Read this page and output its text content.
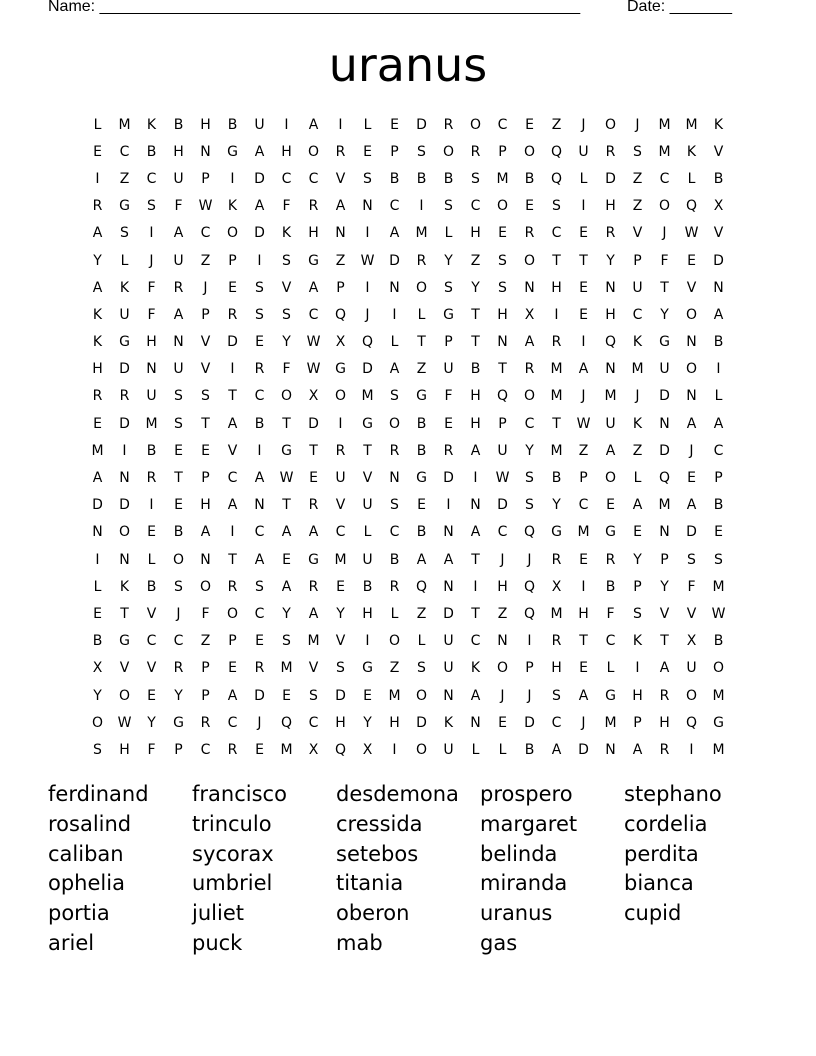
Name: ______________________________________________________	Date: _______
uranus
L	M	K	B	H	B	U	I	A	I	L	E	D	R	O	C	E	Z	J	O	J	M	M	K
E	C	B	H	N	G	A	H	O	R	E	P	S	O	R	P	O	Q	U	R	S	M	K	V
I	Z	C	U	P	I	D	C	C	V	S	B	B	B	S	M	B	Q	L	D	Z	C	L	B
R	G	S	F	W	K	A	F	R	A	N	C	I	S	C	O	E	S	I	H	Z	O	Q	X
A	S	I	A	C	O	D	K	H	N	I	A	M	L	H	E	R	C	E	R	V	J	W	V
Y	L	J	U	Z	P	I	S	G	Z	W	D	R	Y	Z	S	O	T	T	Y	P	F	E	D
A	K	F	R	J	E	S	V	A	P	I	N	O	S	Y	S	N	H	E	N	U	T	V	N
K	U	F	A	P	R	S	S	C	Q	J	I	L	G	T	H	X	I	E	H	C	Y	O	A
K	G	H	N	V	D	E	Y	W	X	Q	L	T	P	T	N	A	R	I	Q	K	G	N	B
H	D	N	U	V	I	R	F	W	G	D	A	Z	U	B	T	R	M	A	N	M	U	O	I
R	R	U	S	S	T	C	O	X	O	M	S	G	F	H	Q	O	M	J	M	J	D	N	L
E	D	M	S	T	A	B	T	D	I	G	O	B	E	H	P	C	T	W	U	K	N	A	A
M	I	B	E	E	V	I	G	T	R	T	R	B	R	A	U	Y	M	Z	A	Z	D	J	C
A	N	R	T	P	C	A	W	E	U	V	N	G	D	I	W	S	B	P	O	L	Q	E	P
D	D	I	E	H	A	N	T	R	V	U	S	E	I	N	D	S	Y	C	E	A	M	A	B
N	O	E	B	A	I	C	A	A	C	L	C	B	N	A	C	Q	G	M	G	E	N	D	E
I	N	L	O	N	T	A	E	G	M	U	B	A	A	T	J	J	R	E	R	Y	P	S	S
L	K	B	S	O	R	S	A	R	E	B	R	Q	N	I	H	Q	X	I	B	P	Y	F	M
E	T	V	J	F	O	C	Y	A	Y	H	L	Z	D	T	Z	Q	M	H	F	S	V	V	W
B	G	C	C	Z	P	E	S	M	V	I	O	L	U	C	N	I	R	T	C	K	T	X	B
X	V	V	R	P	E	R	M	V	S	G	Z	S	U	K	O	P	H	E	L	I	A	U	O
Y	O	E	Y	P	A	D	E	S	D	E	M	O	N	A	J	J	S	A	G	H	R	O	M
O	W	Y	G	R	C	J	Q	C	H	Y	H	D	K	N	E	D	C	J	M	P	H	Q	G
S	H	F	P	C	R	E	M	X	Q	X	I	O	U	L	L	B	A	D	N	A	R	I	M
ferdinand	francisco	desdemona	prospero	stephano
rosalind	trinculo	cressida	margaret	cordelia
caliban	sycorax	setebos	belinda	perdita
ophelia	umbriel	titania	miranda	bianca
portia	juliet	oberon	uranus	cupid
ariel	puck	mab	gas
